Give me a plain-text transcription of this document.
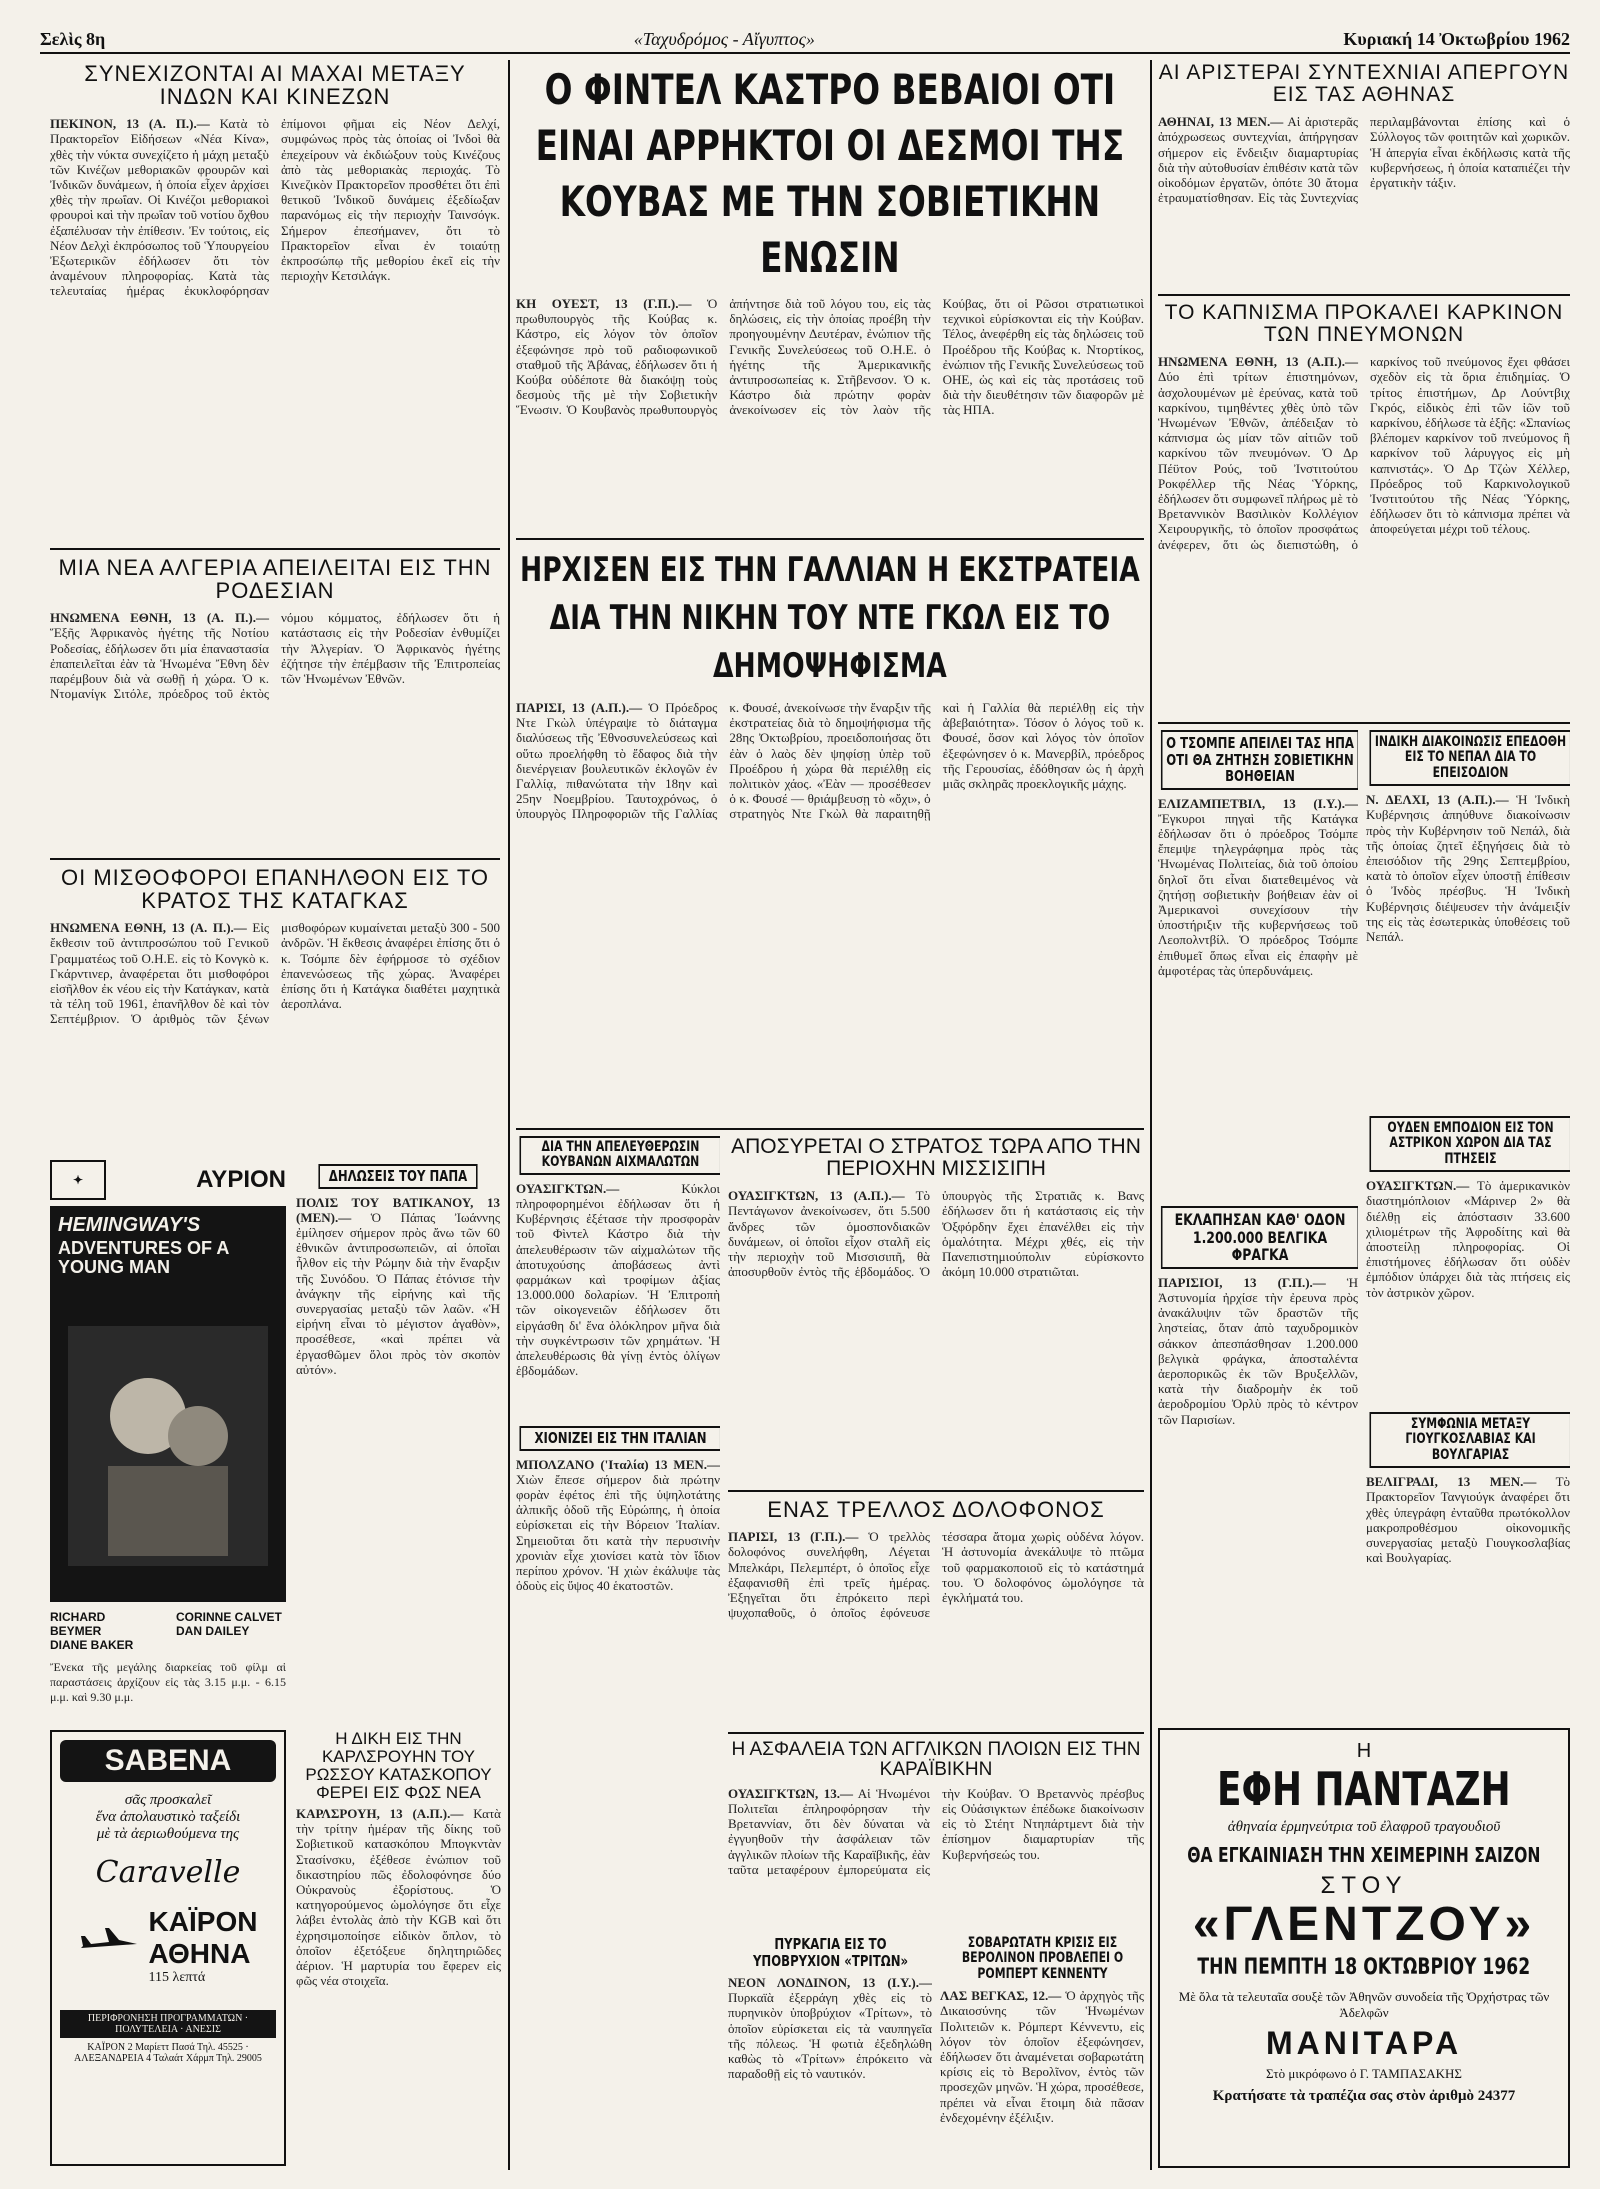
Σελὶς 8η	«Ταχυδρόμος - Αἴγυπτος»	Κυριακή 14 Ὀκτωβρίου 1962
ΣΥΝΕΧΙΖΟΝΤΑΙ ΑΙ ΜΑΧΑΙ ΜΕΤΑΞΥ ΙΝΔΩΝ ΚΑΙ ΚΙΝΕΖΩΝ
ΠΕΚΙΝΟΝ, 13 (Α. Π.).— Κατὰ τὸ Πρακτορεῖον Εἰδήσεων «Νέα Κίνα», χθὲς τὴν νύκτα συνεχίζετο ἡ μάχη μεταξὺ τῶν Κινέζων μεθοριακῶν φρουρῶν καὶ Ἰνδικῶν δυνάμεων, ἡ ὁποία εἶχεν ἀρχίσει χθὲς τὴν πρωΐαν. Οἱ Κινέζοι μεθοριακοὶ φρουροὶ καὶ τὴν πρωΐαν τοῦ νοτίου ὄχθου ἐξαπέλυσαν τὴν ἐπίθεσιν. Ἐν τούτοις, εἰς Νέον Δελχὶ ἐκπρόσωπος τοῦ Ὑπουργείου Ἐξωτερικῶν ἐδήλωσεν ὅτι τὸν ἀναμένουν πληροφορίας. Κατὰ τὰς τελευταίας ἡμέρας ἐκυκλοφόρησαν ἐπίμονοι φῆμαι εἰς Νέον Δελχί, συμφώνως πρὸς τὰς ὁποίας οἱ Ἰνδοὶ θὰ ἐπεχείρουν νὰ ἐκδιώξουν τοὺς Κινέζους ἀπὸ τὰς μεθοριακὰς περιοχάς. Τὸ Κινεζικὸν Πρακτορεῖον προσθέτει ὅτι ἐπὶ θετικοῦ Ἰνδικοῦ δυνάμεις ἐξεδίωξαν παρανόμως εἰς τὴν περιοχὴν Ταινσόγκ. Σήμερον ἐπεσήμανεν, ὅτι τὸ Πρακτορεῖον εἶναι ἐν τοιαύτῃ ἐκπροσώπῳ τῆς μεθορίου ἐκεῖ εἰς τὴν περιοχὴν Κετσιλάγκ.
ΜΙΑ ΝΕΑ ΑΛΓΕΡΙΑ ΑΠΕΙΛΕΙΤΑΙ ΕΙΣ ΤΗΝ ΡΟΔΕΣΙΑΝ
ΗΝΩΜΕΝΑ ΕΘΝΗ, 13 (Α. Π.).— Ἕξῆς Ἀφρικανὸς ἡγέτης τῆς Νοτίου Ροδεσίας, ἐδήλωσεν ὅτι μία ἐπαναστασία ἐπαπειλεῖται ἐὰν τὰ Ἡνωμένα Ἔθνη δὲν παρέμβουν διὰ νὰ σωθῇ ἡ χώρα. Ὁ κ. Ντομανίγκ Σιτόλε, πρόεδρος τοῦ ἐκτὸς νόμου κόμματος, ἐδήλωσεν ὅτι ἡ κατάστασις εἰς τὴν Ροδεσίαν ἐνθυμίζει τὴν Ἀλγερίαν. Ὁ Ἀφρικανὸς ἡγέτης ἐζήτησε τὴν ἐπέμβασιν τῆς Ἐπιτροπείας τῶν Ἡνωμένων Ἐθνῶν.
ΟΙ ΜΙΣΘΟΦΟΡΟΙ ΕΠΑΝΗΛΘΟΝ ΕΙΣ ΤΟ ΚΡΑΤΟΣ ΤΗΣ ΚΑΤΑΓΚΑΣ
ΗΝΩΜΕΝΑ ΕΘΝΗ, 13 (Α. Π.).— Εἰς ἔκθεσιν τοῦ ἀντιπροσώπου τοῦ Γενικοῦ Γραμματέως τοῦ Ο.Η.Ε. εἰς τὸ Κονγκὸ κ. Γκάρντινερ, ἀναφέρεται ὅτι μισθοφόροι εἰσῆλθον ἐκ νέου εἰς τὴν Κατάγκαν, κατὰ τὰ τέλη τοῦ 1961, ἐπανῆλθον δὲ καὶ τὸν Σεπτέμβριον. Ὁ ἀριθμὸς τῶν ξένων μισθοφόρων κυμαίνεται μεταξὺ 300 - 500 ἀνδρῶν. Ἡ ἔκθεσις ἀναφέρει ἐπίσης ὅτι ὁ κ. Τσόμπε δὲν ἐφήρμοσε τὸ σχέδιον ἐπανενώσεως τῆς χώρας. Ἀναφέρει ἐπίσης ὅτι ἡ Κατάγκα διαθέτει μαχητικὰ ἀεροπλάνα.
✦	ΑΥΡΙΟΝ
HEMINGWAY'S
ADVENTURES OF A YOUNG MAN
RICHARD BEYMER
DIANE BAKER
CORINNE CALVET
DAN DAILEY
Ἔνεκα τῆς μεγάλης διαρκείας τοῦ φίλμ αἱ παραστάσεις ἀρχίζουν εἰς τὰς 3.15 μ.μ. - 6.15 μ.μ. καὶ 9.30 μ.μ.
ΔΗΛΩΣΕΙΣ ΤΟΥ ΠΑΠΑ
ΠΟΛΙΣ ΤΟΥ ΒΑΤΙΚΑΝΟΥ, 13 (ΜΕΝ).— Ὁ Πάπας Ἰωάννης ἐμίλησεν σήμερον πρὸς ἄνω τῶν 60 ἐθνικῶν ἀντιπροσωπειῶν, αἱ ὁποῖαι ἦλθον εἰς τὴν Ρώμην διὰ τὴν ἔναρξιν τῆς Συνόδου. Ὁ Πάπας ἐτόνισε τὴν ἀνάγκην τῆς εἰρήνης καὶ τῆς συνεργασίας μεταξὺ τῶν λαῶν. «Ἡ εἰρήνη εἶναι τὸ μέγιστον ἀγαθὸν», προσέθεσε, «καὶ πρέπει νὰ ἐργασθῶμεν ὅλοι πρὸς τὸν σκοπὸν αὐτόν».
Η ΔΙΚΗ ΕΙΣ ΤΗΝ ΚΑΡΛΣΡΟΥΗΝ ΤΟΥ ΡΩΣΣΟΥ ΚΑΤΑΣΚΟΠΟΥ ΦΕΡΕΙ ΕΙΣ ΦΩΣ ΝΕΑ
ΚΑΡΛΣΡΟΥΗ, 13 (Α.Π.).— Κατὰ τὴν τρίτην ἡμέραν τῆς δίκης τοῦ Σοβιετικοῦ κατασκόπου Μπογκντὰν Στασίνσκυ, ἐξέθεσε ἐνώπιον τοῦ δικαστηρίου πῶς ἐδολοφόνησε δύο Οὐκρανοὺς ἐξορίστους. Ὁ κατηγορούμενος ὡμολόγησε ὅτι εἶχε λάβει ἐντολὰς ἀπὸ τὴν KGB καὶ ὅτι ἐχρησιμοποίησε εἰδικὸν ὅπλον, τὸ ὁποῖον ἐξετόξευε δηλητηριῶδες ἀέριον. Ἡ μαρτυρία του ἔφερεν εἰς φῶς νέα στοιχεῖα.
SABENA
σᾶς προσκαλεῖ
ἕνα ἀπολαυστικὸ ταξείδι
μὲ τὰ ἀεριωθούμενα της
Caravelle
ΚΑΪΡΟΝ
ΑΘΗΝΑ
115 λεπτά
ΠΕΡΙΦΡΟΝΗΣΗ ΠΡΟΓΡΑΜΜΑΤΩΝ · ΠΟΛΥΤΕΛΕΙΑ · ΑΝΕΣΙΣ
ΚΑΪΡΟΝ 2 Μαρίεττ Πασά Τηλ. 45525 · ΑΛΕΞΑΝΔΡΕΙΑ 4 Ταλαάτ Χάρμπ Τηλ. 29005
Ο ΦΙΝΤΕΛ ΚΑΣΤΡΟ ΒΕΒΑΙΟΙ ΟΤΙ ΕΙΝΑΙ ΑΡΡΗΚΤΟΙ ΟΙ ΔΕΣΜΟΙ ΤΗΣ ΚΟΥΒΑΣ ΜΕ ΤΗΝ ΣΟΒΙΕΤΙΚΗΝ ΕΝΩΣΙΝ
ΚΗ ΟΥΕΣΤ, 13 (Γ.Π.).— Ὁ πρωθυπουργὸς τῆς Κούβας κ. Κάστρο, εἰς λόγον τὸν ὁποῖον ἐξεφώνησε πρὸ τοῦ ραδιοφωνικοῦ σταθμοῦ τῆς Ἀβάνας, ἐδήλωσεν ὅτι ἡ Κούβα οὐδέποτε θὰ διακόψῃ τοὺς δεσμοὺς τῆς μὲ τὴν Σοβιετικὴν Ἕνωσιν. Ὁ Κουβανὸς πρωθυπουργὸς ἀπήντησε διὰ τοῦ λόγου του, εἰς τὰς δηλώσεις, εἰς τὴν ὁποίας προέβη τὴν προηγουμένην Δευτέραν, ἐνώπιον τῆς Γενικῆς Συνελεύσεως τοῦ Ο.Η.Ε. ὁ ἡγέτης τῆς Ἀμερικανικῆς ἀντιπροσωπείας κ. Στῆβενσον. Ὁ κ. Κάστρο διὰ πρώτην φορὰν ἀνεκοίνωσεν εἰς τὸν λαὸν τῆς Κούβας, ὅτι οἱ Ρῶσοι στρατιωτικοὶ τεχνικοὶ εὑρίσκονται εἰς τὴν Κούβαν. Τέλος, ἀνεφέρθη εἰς τὰς δηλώσεις τοῦ Προέδρου τῆς Κούβας κ. Ντορτίκος, ἐνώπιον τῆς Γενικῆς Συνελεύσεως τοῦ ΟΗΕ, ὡς καὶ εἰς τὰς προτάσεις τοῦ διὰ τὴν διευθέτησιν τῶν διαφορῶν μὲ τὰς ΗΠΑ.
ΗΡΧΙΣΕΝ ΕΙΣ ΤΗΝ ΓΑΛΛΙΑΝ Η ΕΚΣΤΡΑΤΕΙΑ ΔΙΑ ΤΗΝ ΝΙΚΗΝ ΤΟΥ ΝΤΕ ΓΚΩΛ ΕΙΣ ΤΟ ΔΗΜΟΨΗΦΙΣΜΑ
ΠΑΡΙΣΙ, 13 (Α.Π.).— Ὁ Πρόεδρος Ντε Γκὼλ ὑπέγραψε τὸ διάταγμα διαλύσεως τῆς Ἐθνοσυνελεύσεως καὶ οὕτω προελήφθη τὸ ἔδαφος διὰ τὴν διενέργειαν βουλευτικῶν ἐκλογῶν ἐν Γαλλίᾳ, πιθανώτατα τὴν 18ην καὶ 25ην Νοεμβρίου. Ταυτοχρόνως, ὁ ὑπουργὸς Πληροφοριῶν τῆς Γαλλίας κ. Φουσέ, ἀνεκοίνωσε τὴν ἔναρξιν τῆς ἐκστρατείας διὰ τὸ δημοψήφισμα τῆς 28ης Ὀκτωβρίου, προειδοποιήσας ὅτι ἐὰν ὁ λαὸς δὲν ψηφίσῃ ὑπὲρ τοῦ Προέδρου ἡ χώρα θὰ περιέλθῃ εἰς πολιτικὸν χάος. «Ἐὰν — προσέθεσεν ὁ κ. Φουσέ — θριάμβευσῃ τὸ «ὄχι», ὁ στρατηγὸς Ντε Γκὼλ θὰ παραιτηθῇ καὶ ἡ Γαλλία θὰ περιέλθῃ εἰς τὴν ἀβεβαιότητα». Τόσον ὁ λόγος τοῦ κ. Φουσέ, ὅσον καὶ λόγος τὸν ὁποῖον ἐξεφώνησεν ὁ κ. Μανερβίλ, πρόεδρος τῆς Γερουσίας, ἐδόθησαν ὡς ἡ ἀρχὴ μιᾶς σκληρᾶς προεκλογικῆς μάχης.
ΔΙΑ ΤΗΝ ΑΠΕΛΕΥΘΕΡΩΣΙΝ ΚΟΥΒΑΝΩΝ ΑΙΧΜΑΛΩΤΩΝ
ΟΥΑΣΙΓΚΤΩΝ.—	Κύκλοι πληροφορημένοι ἐδήλωσαν ὅτι ἡ Κυβέρνησις ἐξέτασε τὴν προσφορὰν τοῦ Φὶντελ Κάστρο διὰ τὴν ἀπελευθέρωσιν τῶν αἰχμαλώτων τῆς ἀποτυχούσης ἀποβάσεως ἀντὶ φαρμάκων καὶ τροφίμων ἀξίας 13.000.000 δολαρίων. Ἡ Ἐπιτροπὴ τῶν οἰκογενειῶν ἐδήλωσεν ὅτι εἰργάσθη δι' ἕνα ὁλόκληρον μῆνα διὰ τὴν συγκέντρωσιν τῶν χρημάτων. Ἡ ἀπελευθέρωσις θὰ γίνῃ ἐντὸς ὀλίγων ἑβδομάδων.
ΧΙΟΝΙΖΕΙ ΕΙΣ ΤΗΝ ΙΤΑΛΙΑΝ
ΜΠΟΛΖΑΝΟ ('Ιταλία) 13 ΜΕΝ.— Χιὼν ἔπεσε σήμερον διὰ πρώτην φορὰν ἐφέτος ἐπὶ τῆς ὑψηλοτάτης ἀλπικῆς ὁδοῦ τῆς Εὐρώπης, ἡ ὁποία εὑρίσκεται εἰς τὴν Βόρειον Ἰταλίαν. Σημειοῦται ὅτι κατὰ τὴν περυσινὴν χρονιὰν εἶχε χιονίσει κατὰ τὸν ἴδιον περίπου χρόνον. Ἡ χιὼν ἐκάλυψε τὰς ὁδοὺς εἰς ὕψος 40 ἑκατοστῶν.
ΑΠΟΣΥΡΕΤΑΙ Ο ΣΤΡΑΤΟΣ ΤΩΡΑ ΑΠΟ ΤΗΝ ΠΕΡΙΟΧΗΝ ΜΙΣΣΙΣΙΠΗ
ΟΥΑΣΙΓΚΤΩΝ, 13 (Α.Π.).— Τὸ Πεντάγωνον ἀνεκοίνωσεν, ὅτι 5.500 ἄνδρες τῶν ὁμοσπονδιακῶν δυνάμεων, οἱ ὁποῖοι εἶχον σταλῆ εἰς τὴν περιοχὴν τοῦ Μισσισιπῆ, θὰ ἀποσυρθοῦν ἐντὸς τῆς ἑβδομάδος. Ὁ ὑπουργὸς τῆς Στρατιᾶς κ. Βανς ἐδήλωσεν ὅτι ἡ κατάστασις εἰς τὴν Ὀξφόρδην ἔχει ἐπανέλθει εἰς τὴν ὁμαλότητα. Μέχρι χθές, εἰς τὴν Πανεπιστημιούπολιν εὑρίσκοντο ἀκόμη 10.000 στρατιῶται.
ΕΝΑΣ ΤΡΕΛΛΟΣ ΔΟΛΟΦΟΝΟΣ
ΠΑΡΙΣΙ, 13 (Γ.Π.).— Ὁ τρελλὸς δολοφόνος συνελήφθη, Λέγεται Μπελκάρι, Πελεμπέρτ, ὁ ὁποῖος εἶχε ἐξαφανισθῆ ἐπὶ τρεῖς ἡμέρας. Ἐξηγεῖται ὅτι ἐπρόκειτο περὶ ψυχοπαθοῦς, ὁ ὁποῖος ἐφόνευσε τέσσαρα ἄτομα χωρὶς οὐδένα λόγον. Ἡ ἀστυνομία ἀνεκάλυψε τὸ πτῶμα τοῦ φαρμακοποιοῦ εἰς τὸ κατάστημά του. Ὁ δολοφόνος ὡμολόγησε τὰ ἐγκλήματά του.
Η ΑΣΦΑΛΕΙΑ ΤΩΝ ΑΓΓΛΙΚΩΝ ΠΛΟΙΩΝ ΕΙΣ ΤΗΝ ΚΑΡΑΪΒΙΚΗΝ
ΟΥΑΣΙΓΚΤΩΝ, 13.— Αἱ Ἡνωμένοι Πολιτεῖαι ἐπληροφόρησαν τὴν Βρεταννίαν, ὅτι δὲν δύναται νὰ ἐγγυηθοῦν τὴν ἀσφάλειαν τῶν ἀγγλικῶν πλοίων τῆς Καραϊβικῆς, ἐὰν ταῦτα μεταφέρουν ἐμπορεύματα εἰς τὴν Κούβαν. Ὁ Βρεταννὸς πρέσβυς εἰς Οὐάσιγκτων ἐπέδωκε διακοίνωσιν εἰς τὸ Στέητ Ντηπάρτμεντ διὰ τὴν ἐπίσημον διαμαρτυρίαν τῆς Κυβερνήσεώς του.
ΠΥΡΚΑΓΙΑ ΕΙΣ ΤΟ ΥΠΟΒΡΥΧΙΟΝ «ΤΡΙΤΩΝ»
ΝΕΟΝ ΛΟΝΔΙΝΟΝ, 13 (Ι.Υ.).— Πυρκαϊὰ ἐξερράγη χθὲς εἰς τὸ πυρηνικὸν ὑποβρύχιον «Τρίτων», τὸ ὁποῖον εὑρίσκεται εἰς τὰ ναυπηγεῖα τῆς πόλεως. Ἡ φωτιὰ ἐξεδηλώθη καθὼς τὸ «Τρίτων» ἐπρόκειτο νὰ παραδοθῇ εἰς τὸ ναυτικόν.
ΣΟΒΑΡΩΤΑΤΗ ΚΡΙΣΙΣ ΕΙΣ ΒΕΡΟΛΙΝΟΝ ΠΡΟΒΛΕΠΕΙ Ο ΡΟΜΠΕΡΤ ΚΕΝΝΕΝΤΥ
ΛΑΣ ΒΕΓΚΑΣ, 12.— Ὁ ἀρχηγὸς τῆς Δικαιοσύνης τῶν Ἡνωμένων Πολιτειῶν κ. Ρόμπερτ Κέννεντυ, εἰς λόγον τὸν ὁποῖον ἐξεφώνησεν, ἐδήλωσεν ὅτι ἀναμένεται σοβαρωτάτη κρίσις εἰς τὸ Βερολῖνον, ἐντὸς τῶν προσεχῶν μηνῶν. Ἡ χώρα, προσέθεσε, πρέπει νὰ εἶναι ἕτοιμη διὰ πᾶσαν ἐνδεχομένην ἐξέλιξιν.
ΑΙ ΑΡΙΣΤΕΡΑΙ ΣΥΝΤΕΧΝΙΑΙ ΑΠΕΡΓΟΥΝ ΕΙΣ ΤΑΣ ΑΘΗΝΑΣ
ΑΘΗΝΑΙ, 13 ΜΕΝ.— Αἱ ἀριστερᾶς ἀπόχρωσεως συντεχνίαι, ἀπήργησαν σήμερον εἰς ἔνδειξιν διαμαρτυρίας διὰ τὴν αὐτοθυσίαν ἐπιθέσιν κατὰ τῶν οἰκοδόμων ἐργατῶν, ὁπότε 30 ἄτομα ἐτραυματίσθησαν. Εἰς τὰς Συντεχνίας περιλαμβάνονται ἐπίσης καὶ ὁ Σύλλογος τῶν φοιτητῶν καὶ χωρικῶν. Ἡ ἀπεργία εἶναι ἐκδήλωσις κατὰ τῆς κυβερνήσεως, ἡ ὁποία καταπιέζει τὴν ἐργατικὴν τάξιν.
ΤΟ ΚΑΠΝΙΣΜΑ ΠΡΟΚΑΛΕΙ ΚΑΡΚΙΝΟΝ ΤΩΝ ΠΝΕΥΜΟΝΩΝ
ΗΝΩΜΕΝΑ ΕΘΝΗ, 13 (Α.Π.).— Δύο ἐπὶ τρίτων ἐπιστημόνων, ἀσχολουμένων μὲ ἐρεύνας, κατὰ τοῦ καρκίνου, τιμηθέντες χθὲς ὑπὸ τῶν Ἡνωμένων Ἐθνῶν, ἀπέδειξαν τὸ κάπνισμα ὡς μίαν τῶν αἰτιῶν τοῦ καρκίνου τῶν πνευμόνων. Ὁ Δρ Πέϋτον Ρούς, τοῦ Ἰνστιτούτου Ροκφέλλερ τῆς Νέας Ὑόρκης, ἐδήλωσεν ὅτι συμφωνεῖ πλήρως μὲ τὸ Βρεταννικὸν Βασιλικὸν Κολλέγιον Χειρουργικῆς, τὸ ὁποῖον προσφάτως ἀνέφερεν, ὅτι ὡς διεπιστώθη, ὁ καρκίνος τοῦ πνεύμονος ἔχει φθάσει σχεδὸν εἰς τὰ ὅρια ἐπιδημίας. Ὁ τρίτος ἐπιστήμων, Δρ Λούντβιχ Γκρός, εἰδικὸς ἐπὶ τῶν ἰῶν τοῦ καρκίνου, ἐδήλωσε τὰ ἑξῆς: «Σπανίως βλέπομεν καρκίνον τοῦ πνεύμονος ἢ καρκίνον τοῦ λάρυγγος εἰς μὴ καπνιστάς». Ὁ Δρ Τζὼν Χέλλερ, Πρόεδρος τοῦ Καρκινολογικοῦ Ἰνστιτούτου τῆς Νέας Ὑόρκης, ἐδήλωσεν ὅτι τὸ κάπνισμα πρέπει νὰ ἀποφεύγεται μέχρι τοῦ τέλους.
Ο ΤΣΟΜΠΕ ΑΠΕΙΛΕΙ ΤΑΣ ΗΠΑ ΟΤΙ ΘΑ ΖΗΤΗΣΗ ΣΟΒΙΕΤΙΚΗΝ ΒΟΗΘΕΙΑΝ
ΕΛΙΖΑΜΠΕΤΒΙΛ, 13 (Ι.Υ.).— Ἔγκυροι πηγαὶ τῆς Κατάγκα ἐδήλωσαν ὅτι ὁ πρόεδρος Τσόμπε ἔπεμψε τηλεγράφημα πρὸς τὰς Ἡνωμένας Πολιτείας, διὰ τοῦ ὁποίου δηλοῖ ὅτι εἶναι διατεθειμένος νὰ ζητήσῃ σοβιετικὴν βοήθειαν ἐὰν οἱ Ἀμερικανοὶ συνεχίσουν τὴν ὑποστήριξιν τῆς κυβερνήσεως τοῦ Λεοπολντβίλ. Ὁ πρόεδρος Τσόμπε ἐπιθυμεῖ ὅπως εἶναι εἰς ἐπαφὴν μὲ ἀμφοτέρας τὰς ὑπερδυνάμεις.
ΙΝΔΙΚΗ ΔΙΑΚΟΙΝΩΣΙΣ ΕΠΕΔΟΘΗ ΕΙΣ ΤΟ ΝΕΠΑΛ ΔΙΑ ΤΟ ΕΠΕΙΣΟΔΙΟΝ
Ν. ΔΕΛΧΙ, 13 (Α.Π.).— Ἡ Ἰνδικὴ Κυβέρνησις ἀπηύθυνε διακοίνωσιν πρὸς τὴν Κυβέρνησιν τοῦ Νεπάλ, διὰ τῆς ὁποίας ζητεῖ ἐξηγήσεις διὰ τὸ ἐπεισόδιον τῆς 29ης Σεπτεμβρίου, κατὰ τὸ ὁποῖον εἶχεν ὑποστῇ ἐπίθεσιν ὁ Ἰνδὸς πρέσβυς. Ἡ Ἰνδικὴ Κυβέρνησις διέψευσεν τὴν ἀνάμειξίν της εἰς τὰς ἐσωτερικὰς ὑποθέσεις τοῦ Νεπάλ.
ΕΚΛΑΠΗΣΑΝ ΚΑΘ' ΟΔΟΝ 1.200.000 ΒΕΛΓΙΚΑ ΦΡΑΓΚΑ
ΠΑΡΙΣΙΟΙ, 13 (Γ.Π.).— Ἡ Ἀστυνομία ἠρχίσε τὴν ἐρευνα πρὸς ἀνακάλυψιν τῶν δραστῶν τῆς ληστείας, ὅταν ἀπὸ ταχυδρομικὸν σάκκον ἀπεσπάσθησαν 1.200.000 βελγικὰ φράγκα, ἀποσταλέντα ἀεροπορικῶς ἐκ τῶν Βρυξελλῶν, κατὰ τὴν διαδρομὴν ἐκ τοῦ ἀεροδρομίου Ὀρλὺ πρὸς τὸ κέντρον τῶν Παρισίων.
ΟΥΔΕΝ ΕΜΠΟΔΙΟΝ ΕΙΣ ΤΟΝ ΑΣΤΡΙΚΟΝ ΧΩΡΟΝ ΔΙΑ ΤΑΣ ΠΤΗΣΕΙΣ
ΟΥΑΣΙΓΚΤΩΝ.— Τὸ ἀμερικανικὸν διαστημόπλοιον «Μάρινερ 2» θὰ διέλθῃ εἰς ἀπόστασιν 33.600 χιλιομέτρων τῆς Ἀφροδίτης καὶ θὰ ἀποστείλῃ πληροφορίας. Οἱ ἐπιστήμονες ἐδήλωσαν ὅτι οὐδὲν ἐμπόδιον ὑπάρχει διὰ τὰς πτήσεις εἰς τὸν ἀστρικὸν χῶρον.
ΣΥΜΦΩΝΙΑ ΜΕΤΑΞΥ ΓΙΟΥΓΚΟΣΛΑΒΙΑΣ ΚΑΙ ΒΟΥΛΓΑΡΙΑΣ
ΒΕΛΙΓΡΑΔΙ, 13 ΜΕΝ.— Τὸ Πρακτορεῖον Τανγιούγκ ἀναφέρει ὅτι χθὲς ὑπεγράφη ἐνταῦθα πρωτόκολλον μακροπροθέσμου οἰκονομικῆς συνεργασίας μεταξὺ Γιουγκοσλαβίας καὶ Βουλγαρίας.
Η
ΕΦΗ ΠΑΝΤΑΖΗ
ἀθηναία ἑρμηνεύτρια τοῦ ἐλαφροῦ τραγουδιοῦ
ΘΑ ΕΓΚΑΙΝΙΑΣΗ ΤΗΝ ΧΕΙΜΕΡΙΝΗ ΣΑΙΖΟΝ
ΣΤΟΥ
«ΓΛΕΝΤΖΟΥ»
ΤΗΝ ΠΕΜΠΤΗ 18 ΟΚΤΩΒΡΙΟΥ 1962
Μὲ ὅλα τὰ τελευταῖα σουξὲ τῶν Ἀθηνῶν συνοδεία τῆς Ὀρχήστρας τῶν Ἀδελφῶν
ΜΑΝΙΤΑΡΑ
Στὸ μικρόφωνο ὁ Γ. ΤΑΜΠΑΣΑΚΗΣ
Κρατήσατε τὰ τραπέζια σας στὸν ἀριθμὸ 24377
